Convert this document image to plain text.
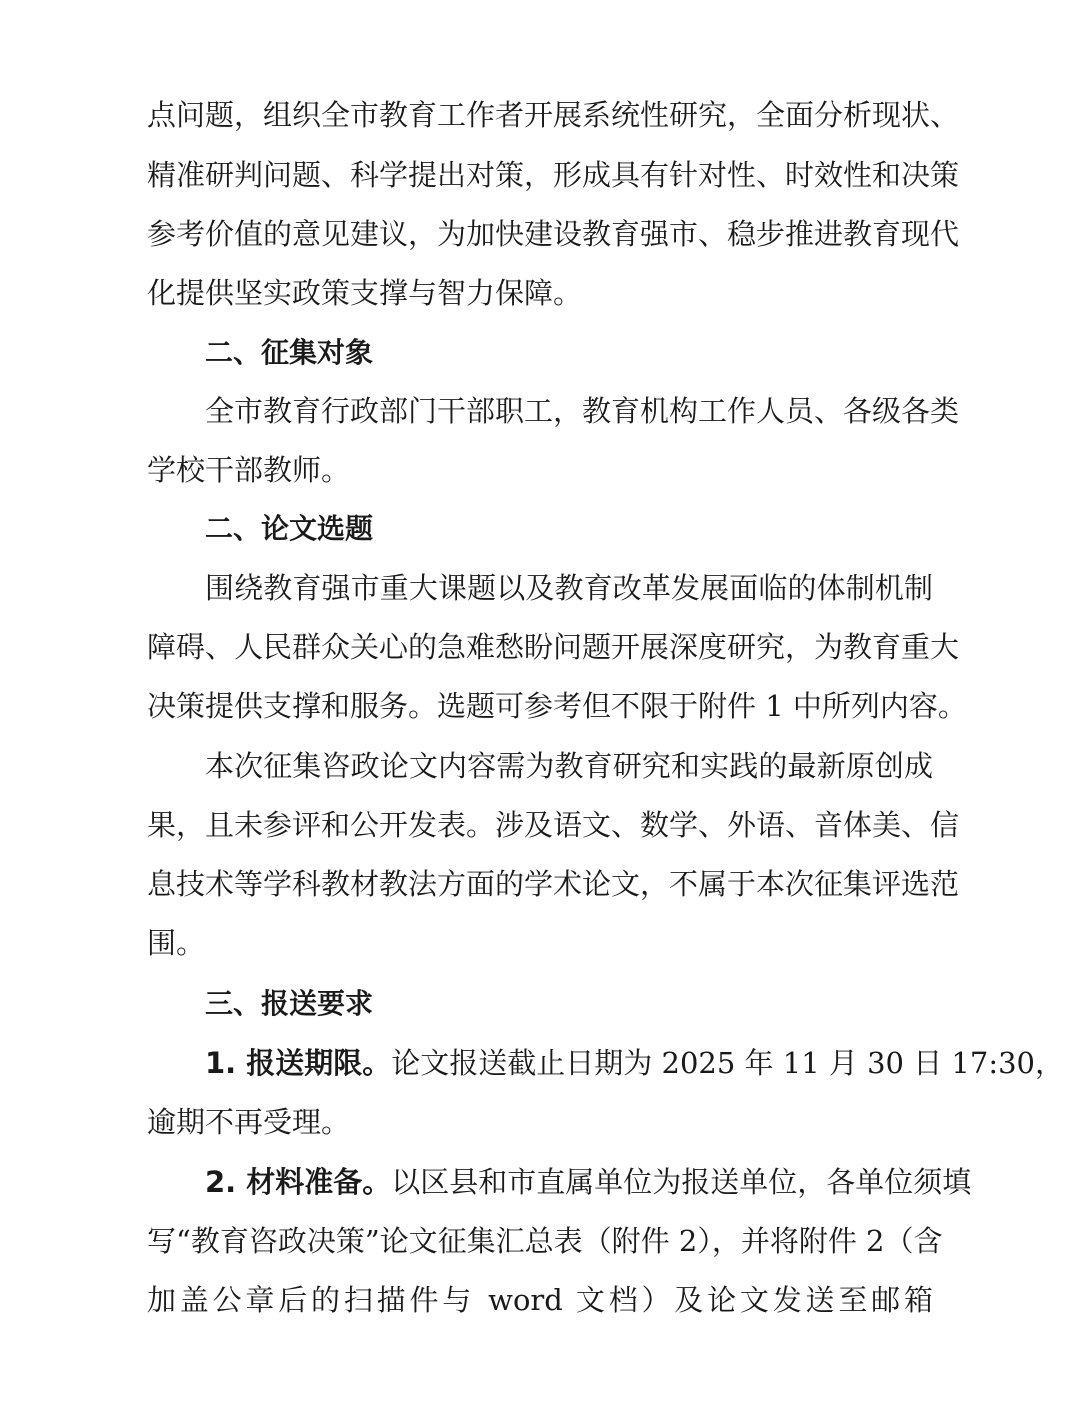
点问题，组织全市教育工作者开展系统性研究，全面分析现状、
精准研判问题、科学提出对策，形成具有针对性、时效性和决策
参考价值的意见建议，为加快建设教育强市、稳步推进教育现代
化提供坚实政策支撑与智力保障。
二、征集对象
全市教育行政部门干部职工，教育机构工作人员、各级各类
学校干部教师。
二、论文选题
围绕教育强市重大课题以及教育改革发展面临的体制机制
障碍、人民群众关心的急难愁盼问题开展深度研究，为教育重大
决策提供支撑和服务。选题可参考但不限于附件 1 中所列内容。
本次征集咨政论文内容需为教育研究和实践的最新原创成
果，且未参评和公开发表。涉及语文、数学、外语、音体美、信
息技术等学科教材教法方面的学术论文，不属于本次征集评选范
围。
三、报送要求
1. 报送期限。论文报送截止日期为 2025 年 11 月 30 日 17:30，
逾期不再受理。
2. 材料准备。以区县和市直属单位为报送单位，各单位须填
写“教育咨政决策”论文征集汇总表（附件 2），并将附件 2（含
加盖公章后的扫描件与 word 文档）及论文发送至邮箱
